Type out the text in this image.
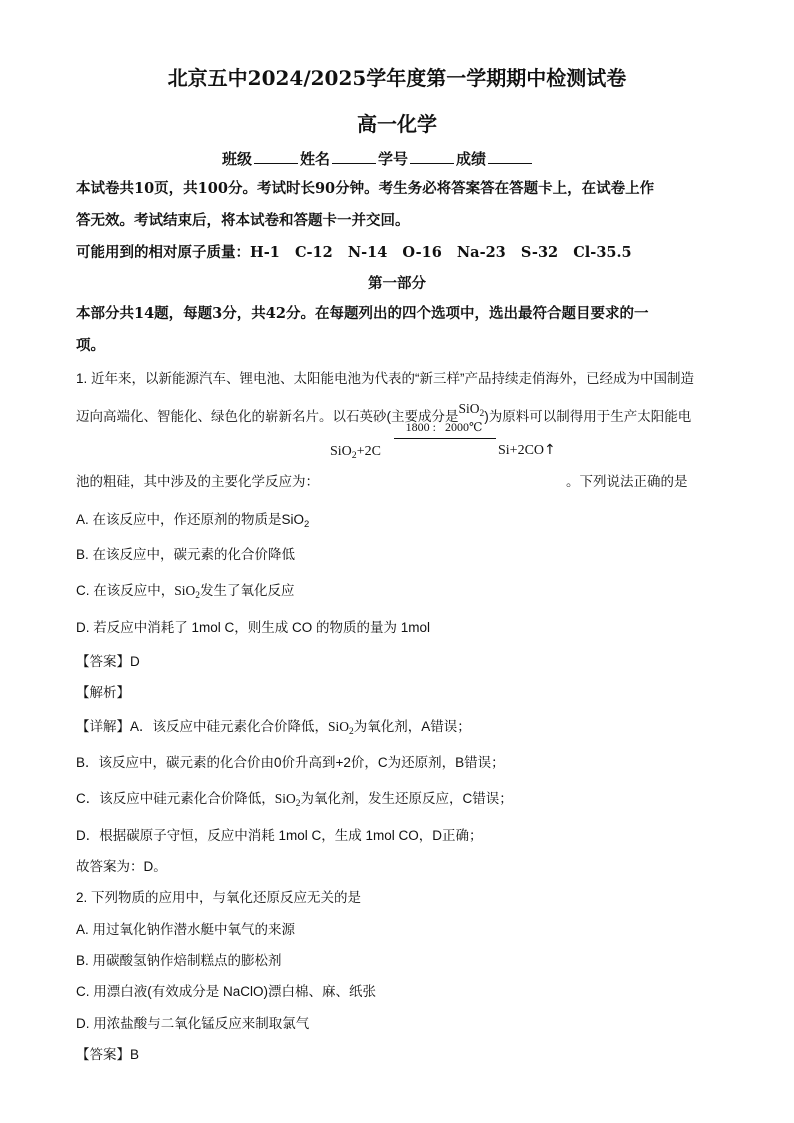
北京五中2024/2025学年度第一学期期中检测试卷
高一化学
班级	姓名	学号	成绩
本试卷共10页，共100分。考试时长90分钟。考生务必将答案答在答题卡上，在试卷上作
答无效。考试结束后，将本试卷和答题卡一并交回。
可能用到的相对原子质量：H-1   C-12   N-14   O-16   Na-23   S-32   Cl-35.5
第一部分
本部分共14题，每题3分，共42分。在每题列出的四个选项中，选出最符合题目要求的一
项。
1. 近年来，以新能源汽车、锂电池、太阳能电池为代表的“新三样”产品持续走俏海外，已经成为中国制造
迈向高端化、智能化、绿色化的崭新名片。以石英砂(主要成分是SiO$_2$)为原料可以制得用于生产太阳能电
1800 :   2000℃
SiO$_2$+2C	Si+2CO↑
池的粗硅，其中涉及的主要化学反应为：	。下列说法正确的是
A. 在该反应中，作还原剂的物质是SiO$_2$
B. 在该反应中，碳元素的化合价降低
C. 在该反应中，SiO$_2$发生了氧化反应
D. 若反应中消耗了 1mol C，则生成 CO 的物质的量为 1mol
【答案】D
【解析】
【详解】A．该反应中硅元素化合价降低，SiO$_2$为氧化剂，A错误；
B．该反应中，碳元素的化合价由0价升高到+2价，C为还原剂，B错误；
C．该反应中硅元素化合价降低，SiO$_2$为氧化剂，发生还原反应，C错误；
D．根据碳原子守恒，反应中消耗 1mol C，生成 1mol CO，D正确；
故答案为：D。
2. 下列物质的应用中，与氧化还原反应无关的是
A. 用过氧化钠作潜水艇中氧气的来源
B. 用碳酸氢钠作焙制糕点的膨松剂
C. 用漂白液(有效成分是 NaClO)漂白棉、麻、纸张
D. 用浓盐酸与二氧化锰反应来制取氯气
【答案】B
